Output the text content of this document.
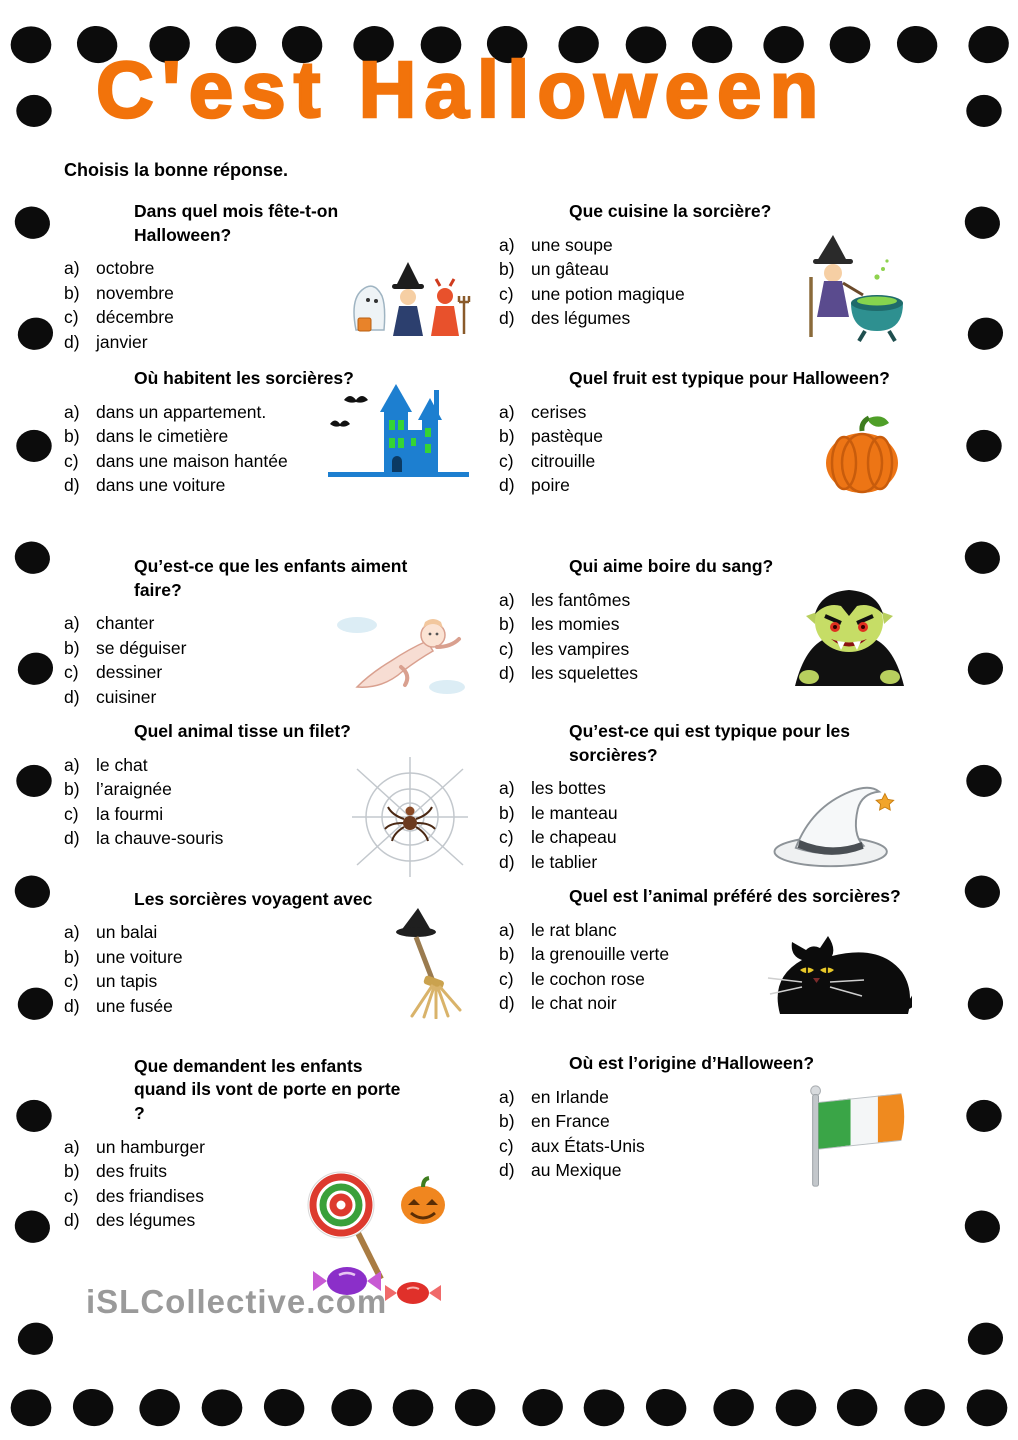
C'est Halloween
Choisis la bonne réponse.
Dans quel mois fête-t-on Halloween?
a) octobre
b) novembre
c) décembre
d) janvier
Où habitent les sorcières?
a) dans un appartement.
b) dans le cimetière
c) dans une maison hantée
d) dans une voiture
Qu’est-ce que les enfants aiment faire?
a) chanter
b) se déguiser
c) dessiner
d) cuisiner
Quel animal tisse un filet?
a) le chat
b) l’araignée
c) la fourmi
d) la chauve-souris
Les sorcières voyagent avec
a) un balai
b) une voiture
c) un tapis
d) une fusée
Que demandent les enfants quand ils vont de porte en porte ?
a) un hamburger
b) des fruits
c) des friandises
d) des légumes
Que cuisine la sorcière?
a) une soupe
b) un gâteau
c) une potion magique
d) des légumes
Quel fruit est typique pour Halloween?
a) cerises
b) pastèque
c) citrouille
d) poire
Qui aime boire du sang?
a) les fantômes
b) les momies
c) les vampires
d) les squelettes
Qu’est-ce qui est typique pour les sorcières?
a) les bottes
b) le manteau
c) le chapeau
d) le tablier
Quel est l’animal préféré des sorcières?
a) le rat blanc
b) la grenouille verte
c) le cochon rose
d) le chat noir
Où est l’origine d’Halloween?
a) en Irlande
b) en France
c) aux États-Unis
d) au Mexique
iSLCollective.com
